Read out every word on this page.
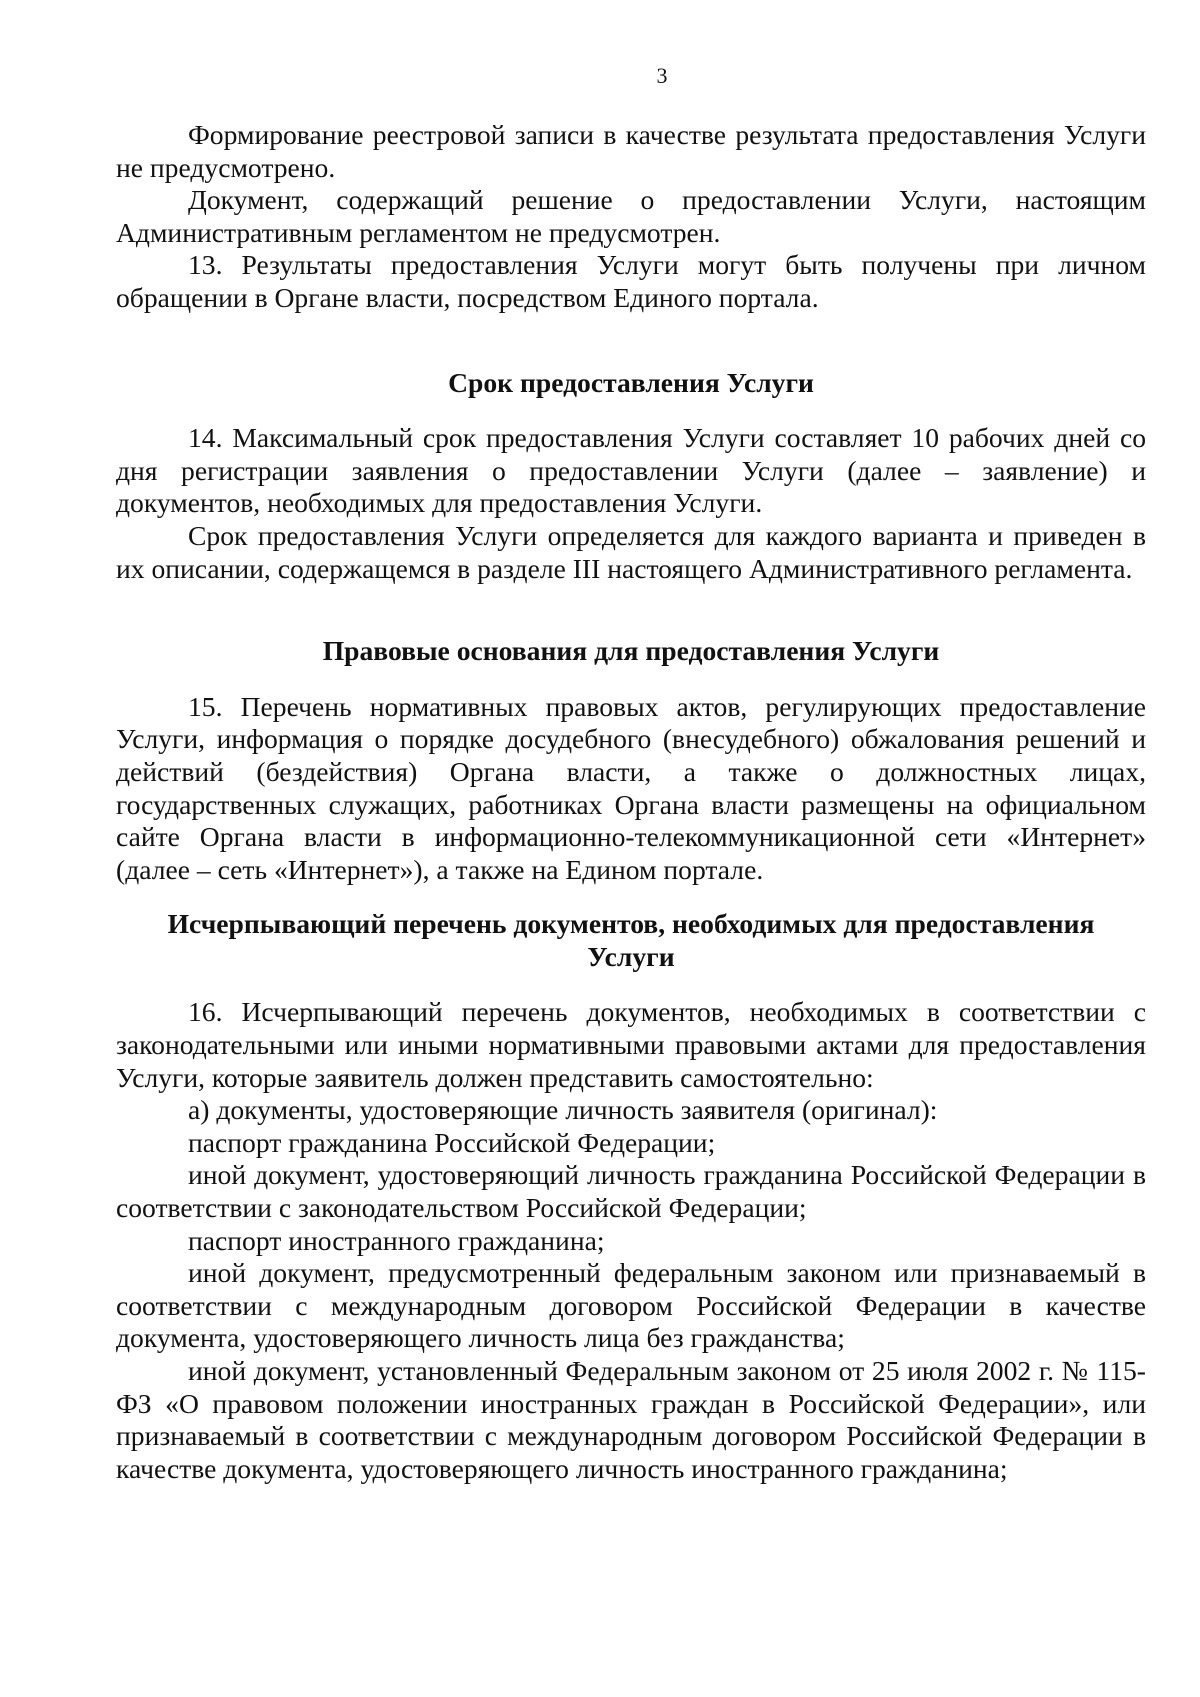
3

Формирование реестровой записи в качестве результата предоставления Услуги не предусмотрено.

Документ, содержащий решение о предоставлении Услуги, настоящим Административным регламентом не предусмотрен.

13. Результаты предоставления Услуги могут быть получены при личном обращении в Органе власти, посредством Единого портала.

Срок предоставления Услуги

14. Максимальный срок предоставления Услуги составляет 10 рабочих дней со дня регистрации заявления о предоставлении Услуги (далее – заявление) и документов, необходимых для предоставления Услуги.

Срок предоставления Услуги определяется для каждого варианта и приведен в их описании, содержащемся в разделе III настоящего Административного регламента.

Правовые основания для предоставления Услуги

15. Перечень нормативных правовых актов, регулирующих предоставление Услуги, информация о порядке досудебного (внесудебного) обжалования решений и действий (бездействия) Органа власти, а также о должностных лицах, государственных служащих, работниках Органа власти размещены на официальном сайте Органа власти в информационно-телекоммуникационной сети «Интернет» (далее – сеть «Интернет»), а также на Едином портале.

Исчерпывающий перечень документов, необходимых для предоставления
Услуги

16. Исчерпывающий перечень документов, необходимых в соответствии с законодательными или иными нормативными правовыми актами для предоставления Услуги, которые заявитель должен представить самостоятельно:

а) документы, удостоверяющие личность заявителя (оригинал):

паспорт гражданина Российской Федерации;

иной документ, удостоверяющий личность гражданина Российской Федерации в соответствии с законодательством Российской Федерации;

паспорт иностранного гражданина;

иной документ, предусмотренный федеральным законом или признаваемый в соответствии с международным договором Российской Федерации в качестве документа, удостоверяющего личность лица без гражданства;

иной документ, установленный Федеральным законом от 25 июля 2002 г. № 115-ФЗ «О правовом положении иностранных граждан в Российской Федерации», или признаваемый в соответствии с международным договором Российской Федерации в качестве документа, удостоверяющего личность иностранного гражданина;
